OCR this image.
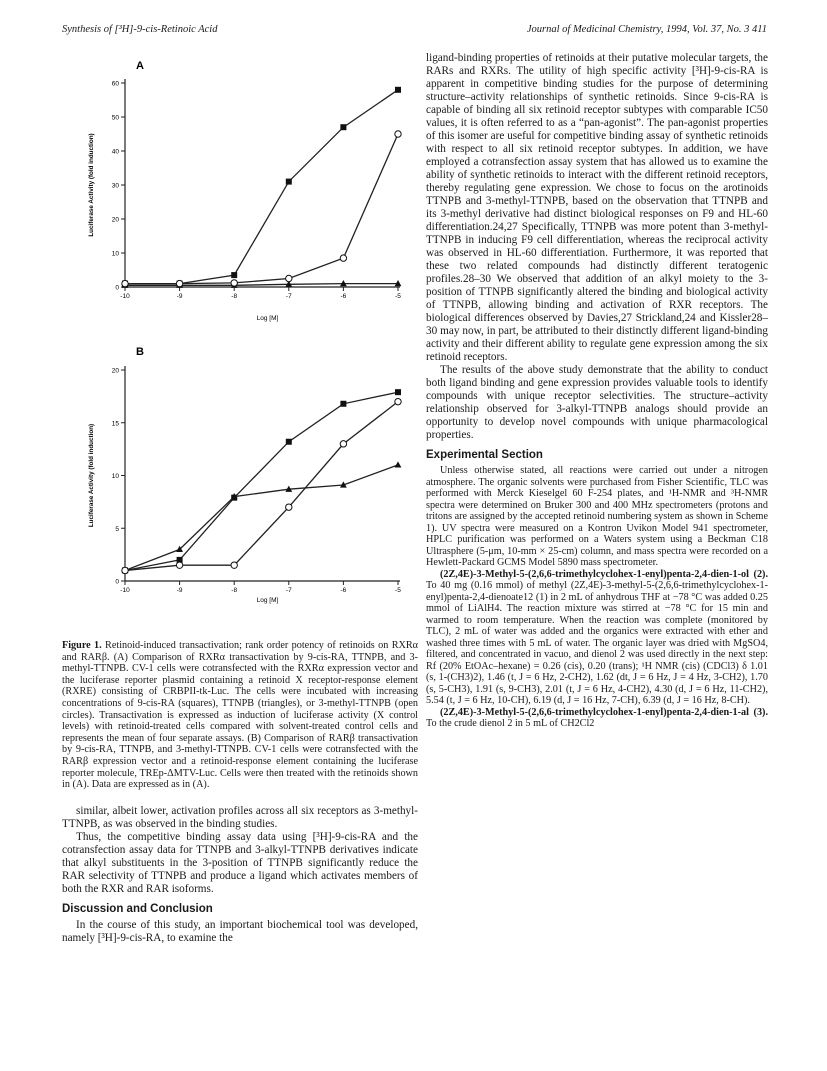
Synthesis of [³H]-9-cis-Retinoic Acid	Journal of Medicinal Chemistry, 1994, Vol. 37, No. 3 411
A
0
10
20
30
40
50
60
-10	-9	-8	-7	-6	-5
Log [M]
Luciferase Activity (fold induction)
B
0
5
10
15
20
-10	-9	-8	-7	-6	-5
Log [M]
Luciferase Activity (fold induction)

Figure 1. Retinoid-induced transactivation; rank order potency of retinoids on RXRα and RARβ. (A) Comparison of RXRα transactivation by 9-cis-RA, TTNPB, and 3-methyl-TTNPB. CV-1 cells were cotransfected with the RXRα expression vector and the luciferase reporter plasmid containing a retinoid X receptor-response element (RXRE) consisting of CRBPII-tk-Luc. The cells were incubated with increasing concentrations of 9-cis-RA (squares), TTNPB (triangles), or 3-methyl-TTNPB (open circles). Transactivation is expressed as induction of luciferase activity (X control levels) with retinoid-treated cells compared with solvent-treated control cells and represents the mean of four separate assays. (B) Comparison of RARβ transactivation by 9-cis-RA, TTNPB, and 3-methyl-TTNPB. CV-1 cells were cotransfected with the RARβ expression vector and a retinoid-response element containing the luciferase reporter molecule, TREp-ΔMTV-Luc. Cells were then treated with the retinoids shown in (A). Data are expressed as in (A).

similar, albeit lower, activation profiles across all six receptors as 3-methyl-TTNPB, as was observed in the binding studies.

Thus, the competitive binding assay data using [³H]-9-cis-RA and the cotransfection assay data for TTNPB and 3-alkyl-TTNPB derivatives indicate that alkyl substituents in the 3-position of TTNPB significantly reduce the RAR selectivity of TTNPB and produce a ligand which activates members of both the RXR and RAR isoforms.

Discussion and Conclusion

In the course of this study, an important biochemical tool was developed, namely [³H]-9-cis-RA, to examine the

ligand-binding properties of retinoids at their putative molecular targets, the RARs and RXRs. The utility of high specific activity [³H]-9-cis-RA is apparent in competitive binding studies for the purpose of determining structure–activity relationships of synthetic retinoids. Since 9-cis-RA is capable of binding all six retinoid receptor subtypes with comparable IC50 values, it is often referred to as a “pan-agonist”. The pan-agonist properties of this isomer are useful for competitive binding assay of synthetic retinoids with respect to all six retinoid receptor subtypes. In addition, we have employed a cotransfection assay system that has allowed us to examine the ability of synthetic retinoids to interact with the different retinoid receptors, thereby regulating gene expression. We chose to focus on the arotinoids TTNPB and 3-methyl-TTNPB, based on the observation that TTNPB and its 3-methyl derivative had distinct biological responses on F9 and HL-60 differentiation.24,27 Specifically, TTNPB was more potent than 3-methyl-TTNPB in inducing F9 cell differentiation, whereas the reciprocal activity was observed in HL-60 differentiation. Furthermore, it was reported that these two related compounds had distinctly different teratogenic profiles.28–30 We observed that addition of an alkyl moiety to the 3-position of TTNPB significantly altered the binding and biological activity of TTNPB, allowing binding and activation of RXR receptors. The biological differences observed by Davies,27 Strickland,24 and Kissler28–30 may now, in part, be attributed to their distinctly different ligand-binding activity and their different ability to regulate gene expression among the six retinoid receptors.

The results of the above study demonstrate that the ability to conduct both ligand binding and gene expression provides valuable tools to identify compounds with unique receptor selectivities. The structure–activity relationship observed for 3-alkyl-TTNPB analogs should provide an opportunity to develop novel compounds with unique pharmacological properties.

Experimental Section

Unless otherwise stated, all reactions were carried out under a nitrogen atmosphere. The organic solvents were purchased from Fisher Scientific, TLC was performed with Merck Kieselgel 60 F-254 plates, and ¹H-NMR and ³H-NMR spectra were determined on Bruker 300 and 400 MHz spectrometers (protons and tritons are assigned by the accepted retinoid numbering system as shown in Scheme 1). UV spectra were measured on a Kontron Uvikon Model 941 spectrometer, HPLC purification was performed on a Waters system using a Beckman C18 Ultrasphere (5-μm, 10-mm × 25-cm) column, and mass spectra were recorded on a Hewlett-Packard GCMS Model 5890 mass spectrometer.

(2Z,4E)-3-Methyl-5-(2,6,6-trimethylcyclohex-1-enyl)penta-2,4-dien-1-ol (2). To 40 mg (0.16 mmol) of methyl (2Z,4E)-3-methyl-5-(2,6,6-trimethylcyclohex-1-enyl)penta-2,4-dienoate12 (1) in 2 mL of anhydrous THF at −78 °C was added 0.25 mmol of LiAlH4. The reaction mixture was stirred at −78 °C for 15 min and warmed to room temperature. When the reaction was complete (monitored by TLC), 2 mL of water was added and the organics were extracted with ether and washed three times with 5 mL of water. The organic layer was dried with MgSO4, filtered, and concentrated in vacuo, and dienol 2 was used directly in the next step: Rf (20% EtOAc–hexane) = 0.26 (cis), 0.20 (trans); ¹H NMR (cis) (CDCl3) δ 1.01 (s, 1-(CH3)2), 1.46 (t, J = 6 Hz, 2-CH2), 1.62 (dt, J = 6 Hz, J = 4 Hz, 3-CH2), 1.70 (s, 5-CH3), 1.91 (s, 9-CH3), 2.01 (t, J = 6 Hz, 4-CH2), 4.30 (d, J = 6 Hz, 11-CH2), 5.54 (t, J = 6 Hz, 10-CH), 6.19 (d, J = 16 Hz, 7-CH), 6.39 (d, J = 16 Hz, 8-CH).

(2Z,4E)-3-Methyl-5-(2,6,6-trimethylcyclohex-1-enyl)penta-2,4-dien-1-al (3). To the crude dienol 2 in 5 mL of CH2Cl2
